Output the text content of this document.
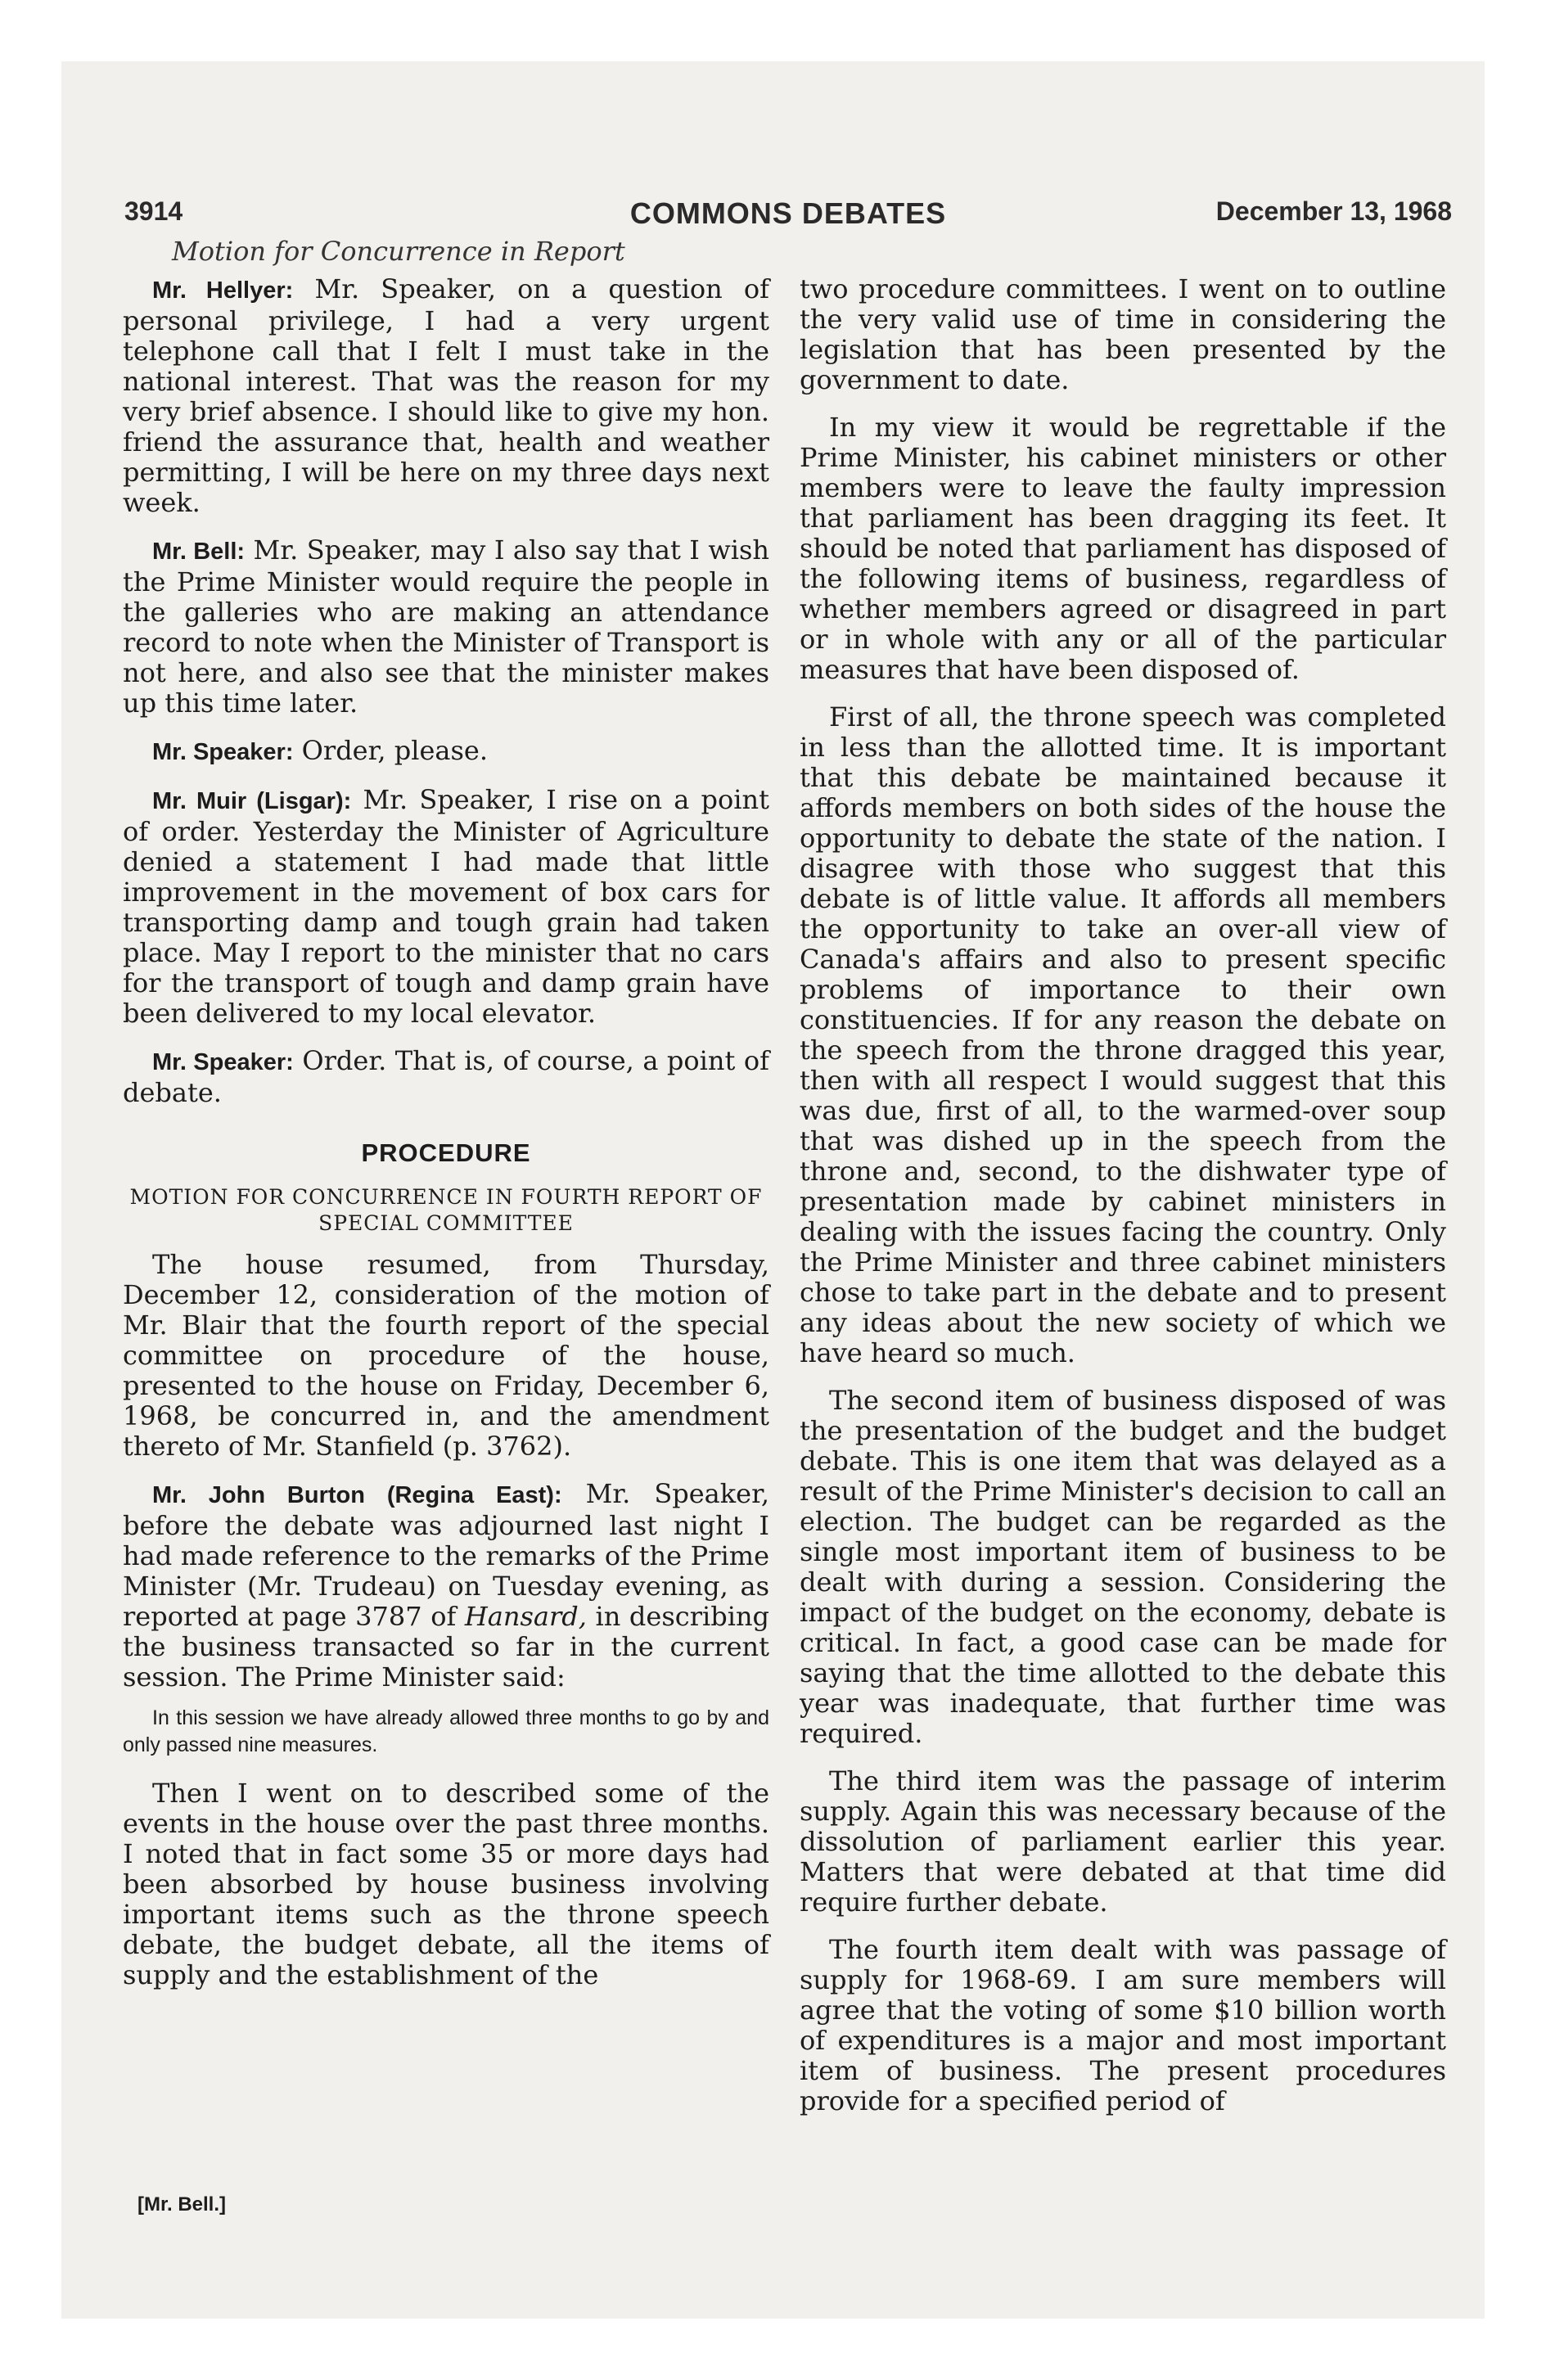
3914	COMMONS DEBATES	December 13, 1968
Motion for Concurrence in Report

Mr. Hellyer: Mr. Speaker, on a question of personal privilege, I had a very urgent telephone call that I felt I must take in the national interest. That was the reason for my very brief absence. I should like to give my hon. friend the assurance that, health and weather permitting, I will be here on my three days next week.

Mr. Bell: Mr. Speaker, may I also say that I wish the Prime Minister would require the people in the galleries who are making an attendance record to note when the Minister of Transport is not here, and also see that the minister makes up this time later.

Mr. Speaker: Order, please.

Mr. Muir (Lisgar): Mr. Speaker, I rise on a point of order. Yesterday the Minister of Agriculture denied a statement I had made that little improvement in the movement of box cars for transporting damp and tough grain had taken place. May I report to the minister that no cars for the transport of tough and damp grain have been delivered to my local elevator.

Mr. Speaker: Order. That is, of course, a point of debate.

PROCEDURE
MOTION FOR CONCURRENCE IN FOURTH REPORT OF SPECIAL COMMITTEE

The house resumed, from Thursday, December 12, consideration of the motion of Mr. Blair that the fourth report of the special committee on procedure of the house, presented to the house on Friday, December 6, 1968, be concurred in, and the amendment thereto of Mr. Stanfield (p. 3762).

Mr. John Burton (Regina East): Mr. Speaker, before the debate was adjourned last night I had made reference to the remarks of the Prime Minister (Mr. Trudeau) on Tuesday evening, as reported at page 3787 of Hansard, in describing the business transacted so far in the current session. The Prime Minister said:

In this session we have already allowed three months to go by and only passed nine measures.

Then I went on to described some of the events in the house over the past three months. I noted that in fact some 35 or more days had been absorbed by house business involving important items such as the throne speech debate, the budget debate, all the items of supply and the establishment of the

two procedure committees. I went on to outline the very valid use of time in considering the legislation that has been presented by the government to date.

In my view it would be regrettable if the Prime Minister, his cabinet ministers or other members were to leave the faulty impression that parliament has been dragging its feet. It should be noted that parliament has disposed of the following items of business, regardless of whether members agreed or disagreed in part or in whole with any or all of the particular measures that have been disposed of.

First of all, the throne speech was completed in less than the allotted time. It is important that this debate be maintained because it affords members on both sides of the house the opportunity to debate the state of the nation. I disagree with those who suggest that this debate is of little value. It affords all members the opportunity to take an over-all view of Canada's affairs and also to present specific problems of importance to their own constituencies. If for any reason the debate on the speech from the throne dragged this year, then with all respect I would suggest that this was due, first of all, to the warmed-over soup that was dished up in the speech from the throne and, second, to the dishwater type of presentation made by cabinet ministers in dealing with the issues facing the country. Only the Prime Minister and three cabinet ministers chose to take part in the debate and to present any ideas about the new society of which we have heard so much.

The second item of business disposed of was the presentation of the budget and the budget debate. This is one item that was delayed as a result of the Prime Minister's decision to call an election. The budget can be regarded as the single most important item of business to be dealt with during a session. Considering the impact of the budget on the economy, debate is critical. In fact, a good case can be made for saying that the time allotted to the debate this year was inadequate, that further time was required.

The third item was the passage of interim supply. Again this was necessary because of the dissolution of parliament earlier this year. Matters that were debated at that time did require further debate.

The fourth item dealt with was passage of supply for 1968-69. I am sure members will agree that the voting of some $10 billion worth of expenditures is a major and most important item of business. The present procedures provide for a specified period of

[Mr. Bell.]
